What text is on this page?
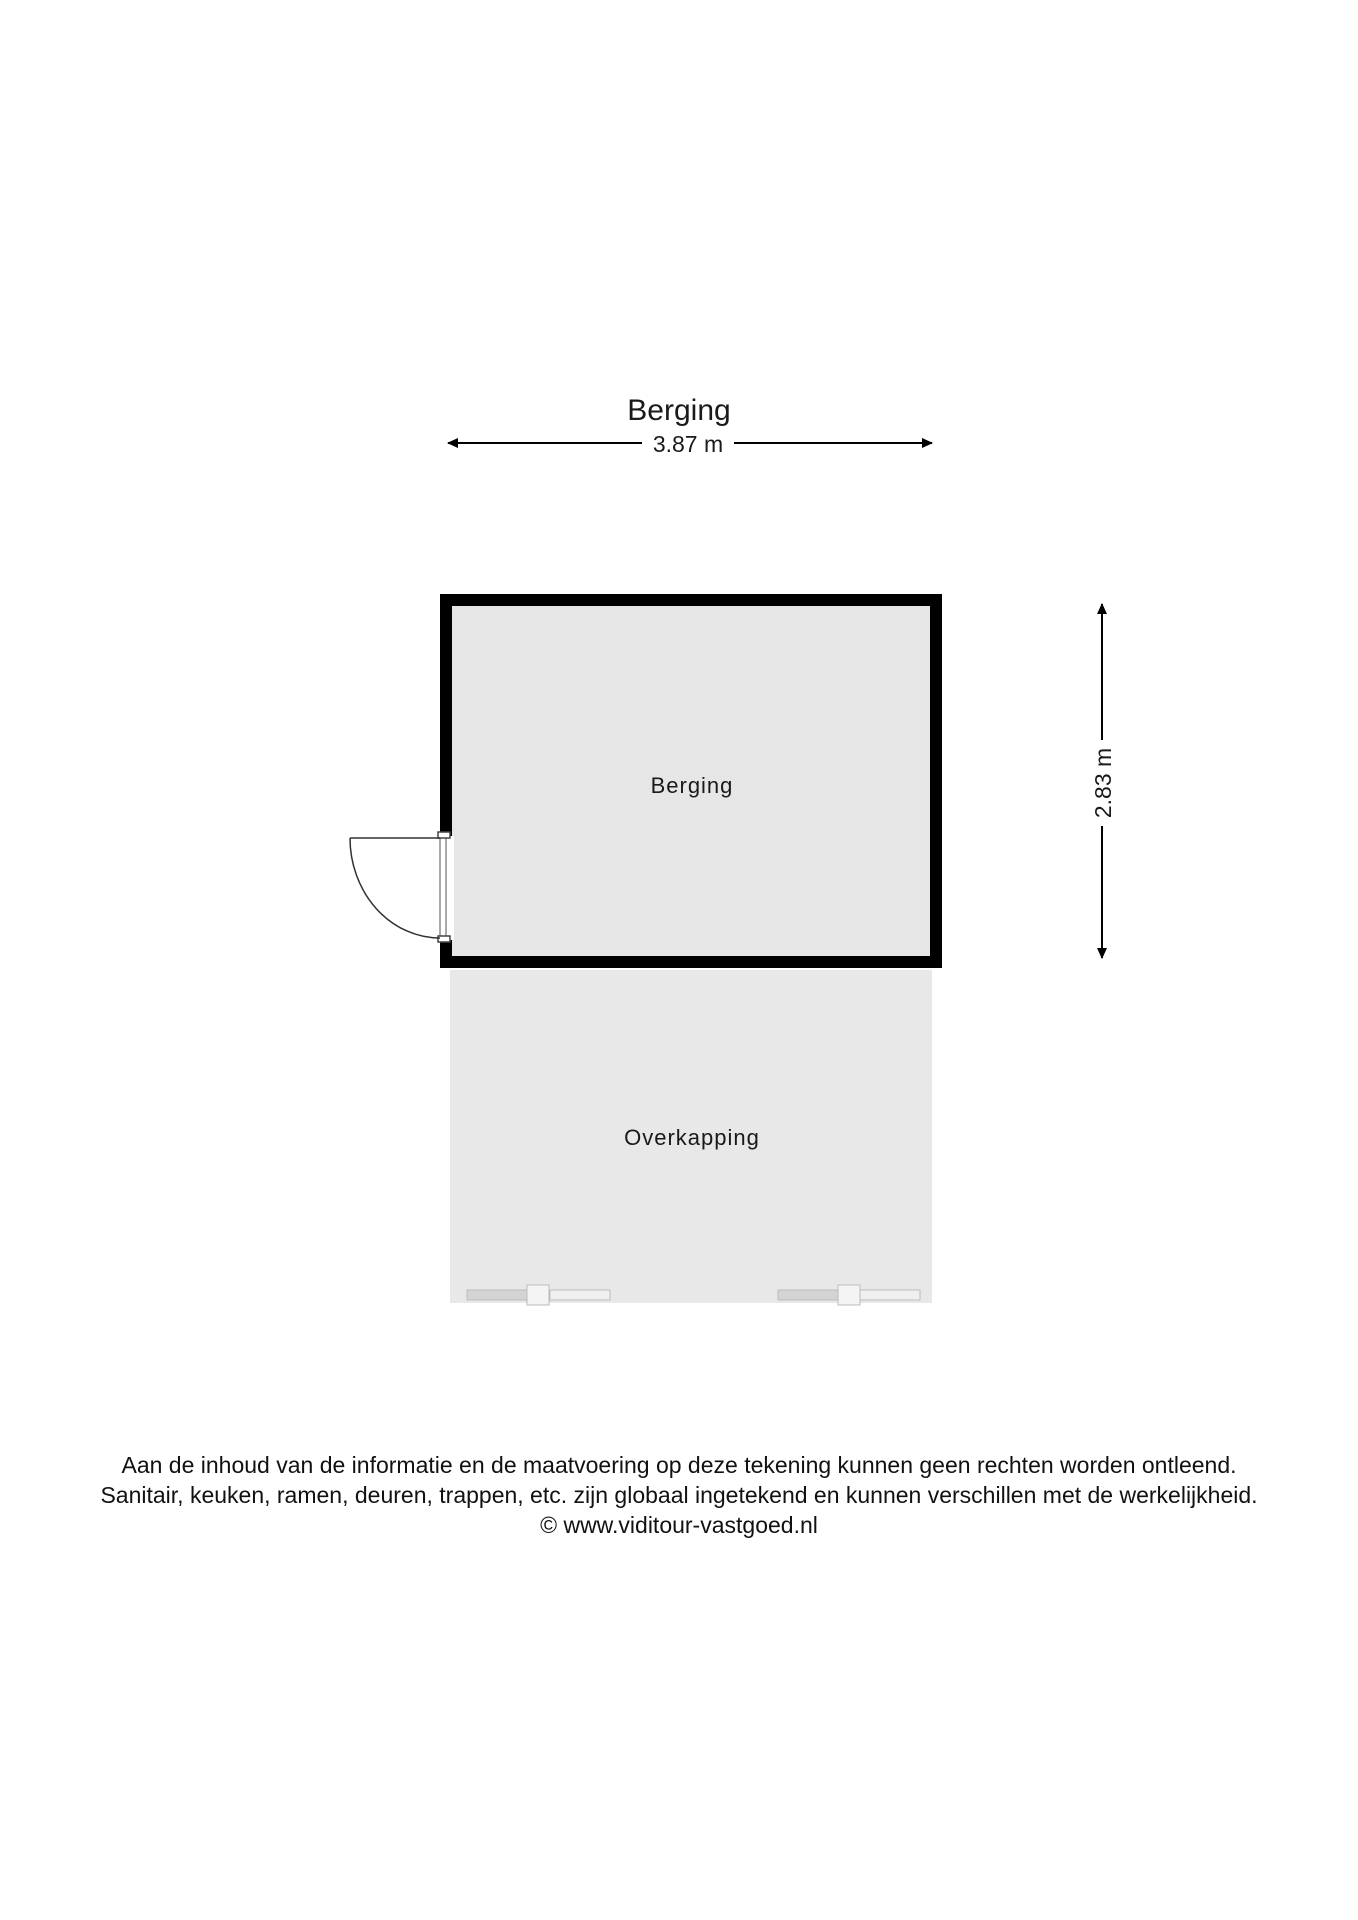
Berging
3.87 m
2.83 m
Berging
Overkapping
Aan de inhoud van de informatie en de maatvoering op deze tekening kunnen geen rechten worden ontleend.
Sanitair, keuken, ramen, deuren, trappen, etc. zijn globaal ingetekend en kunnen verschillen met de werkelijkheid.
© www.viditour-vastgoed.nl
